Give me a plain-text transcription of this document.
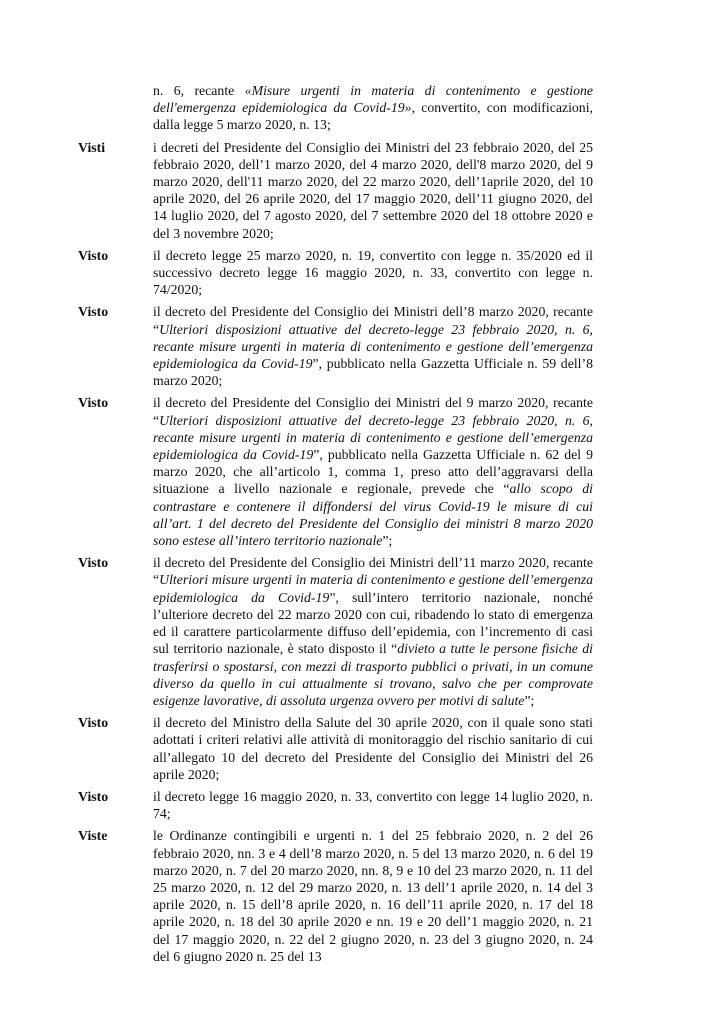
n. 6, recante «Misure urgenti in materia di contenimento e gestione dell'emergenza epidemiologica da Covid-19», convertito, con modificazioni, dalla legge 5 marzo 2020, n. 13;
Visti	i decreti del Presidente del Consiglio dei Ministri del 23 febbraio 2020, del 25 febbraio 2020, dell’1 marzo 2020, del 4 marzo 2020, dell'8 marzo 2020, del 9 marzo 2020, dell'11 marzo 2020, del 22 marzo 2020, dell’1aprile 2020, del 10 aprile 2020, del 26 aprile 2020, del 17 maggio 2020, dell’11 giugno 2020, del 14 luglio 2020, del 7 agosto 2020, del 7 settembre 2020 del 18 ottobre 2020 e del 3 novembre 2020;
Visto	il decreto legge 25 marzo 2020, n. 19, convertito con legge n. 35/2020 ed il successivo decreto legge 16 maggio 2020, n. 33, convertito con legge n. 74/2020;
Visto	il decreto del Presidente del Consiglio dei Ministri dell’8 marzo 2020, recante “Ulteriori disposizioni attuative del decreto-legge 23 febbraio 2020, n. 6, recante misure urgenti in materia di contenimento e gestione dell’emergenza epidemiologica da Covid-19”, pubblicato nella Gazzetta Ufficiale n. 59 dell’8 marzo 2020;
Visto	il decreto del Presidente del Consiglio dei Ministri del 9 marzo 2020, recante “Ulteriori disposizioni attuative del decreto-legge 23 febbraio 2020, n. 6, recante misure urgenti in materia di contenimento e gestione dell’emergenza epidemiologica da Covid-19”, pubblicato nella Gazzetta Ufficiale n. 62 del 9 marzo 2020, che all’articolo 1, comma 1, preso atto dell’aggravarsi della situazione a livello nazionale e regionale, prevede che “allo scopo di contrastare e contenere il diffondersi del virus Covid-19 le misure di cui all’art. 1 del decreto del Presidente del Consiglio dei ministri 8 marzo 2020 sono estese all’intero territorio nazionale”;
Visto	il decreto del Presidente del Consiglio dei Ministri dell’11 marzo 2020, recante “Ulteriori misure urgenti in materia di contenimento e gestione dell’emergenza epidemiologica da Covid-19”, sull’intero territorio nazionale, nonché l’ulteriore decreto del 22 marzo 2020 con cui, ribadendo lo stato di emergenza ed il carattere particolarmente diffuso dell’epidemia, con l’incremento di casi sul territorio nazionale, è stato disposto il “divieto a tutte le persone fisiche di trasferirsi o spostarsi, con mezzi di trasporto pubblici o privati, in un comune diverso da quello in cui attualmente si trovano, salvo che per comprovate esigenze lavorative, di assoluta urgenza ovvero per motivi di salute”;
Visto	il decreto del Ministro della Salute del 30 aprile 2020, con il quale sono stati adottati i criteri relativi alle attività di monitoraggio del rischio sanitario di cui all’allegato 10 del decreto del Presidente del Consiglio dei Ministri del 26 aprile 2020;
Visto	il decreto legge 16 maggio 2020, n. 33, convertito con legge 14 luglio 2020, n. 74;
Viste	le Ordinanze contingibili e urgenti n. 1 del 25 febbraio 2020, n. 2 del 26 febbraio 2020, nn. 3 e 4 dell’8 marzo 2020, n. 5 del 13 marzo 2020, n. 6 del 19 marzo 2020, n. 7 del 20 marzo 2020, nn. 8, 9 e 10 del 23 marzo 2020, n. 11 del 25 marzo 2020, n. 12 del 29 marzo 2020, n. 13 dell’1 aprile 2020, n. 14 del 3 aprile 2020, n. 15 dell’8 aprile 2020, n. 16 dell’11 aprile 2020, n. 17 del 18 aprile 2020, n. 18 del 30 aprile 2020 e nn. 19 e 20 dell’1 maggio 2020, n. 21 del 17 maggio 2020, n. 22 del 2 giugno 2020, n. 23 del 3 giugno 2020, n. 24 del 6 giugno 2020 n. 25 del 13
